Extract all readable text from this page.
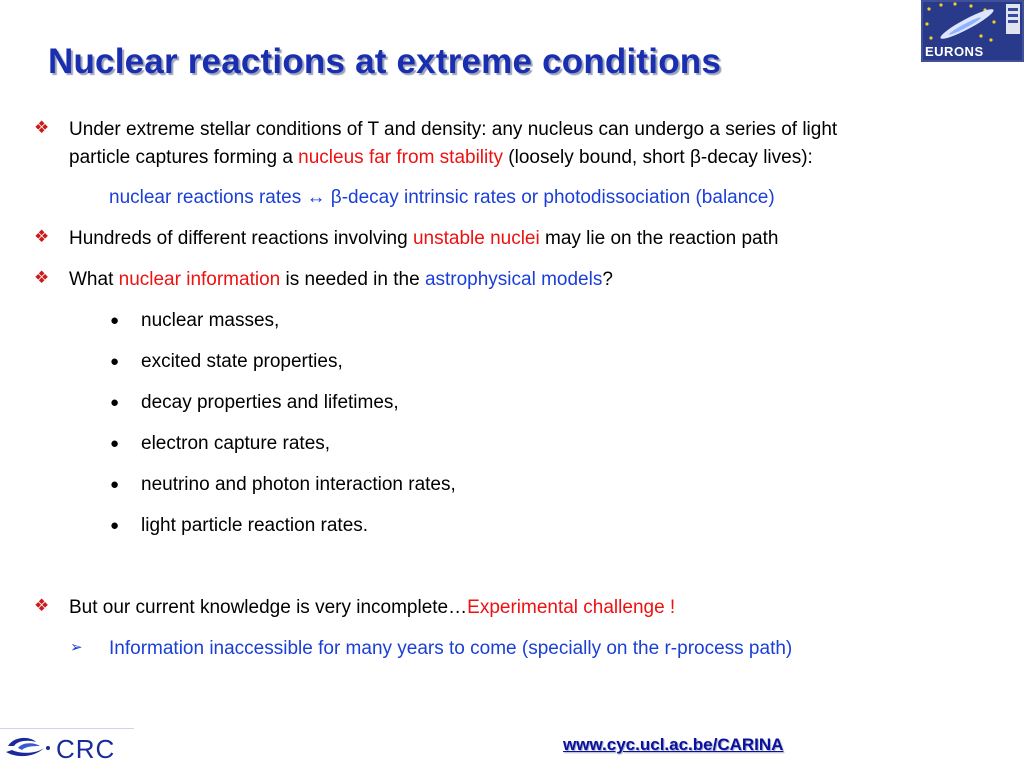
EURONS
Nuclear reactions at extreme conditions
❖ Under extreme stellar conditions of T and density: any nucleus can undergo a series of light
particle captures forming a nucleus far from stability (loosely bound, short β-decay lives):
nuclear reactions rates ↔ β-decay intrinsic rates or photodissociation (balance)
❖ Hundreds of different reactions involving unstable nuclei may lie on the reaction path
❖ What nuclear information is needed in the astrophysical models?
● nuclear masses,
● excited state properties,
● decay properties and lifetimes,
● electron capture rates,
● neutrino and photon interaction rates,
● light particle reaction rates.
❖ But our current knowledge is very incomplete…Experimental challenge !
➢ Information inaccessible for many years to come (specially on the r-process path)
CRC	www.cyc.ucl.ac.be/CARINA
